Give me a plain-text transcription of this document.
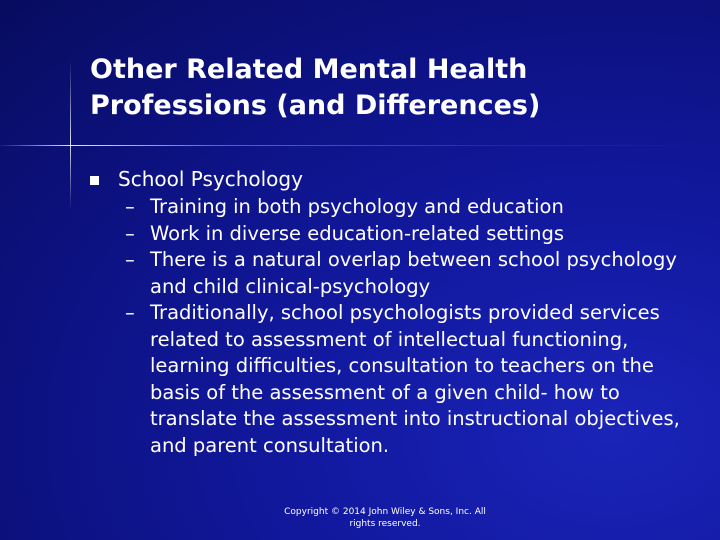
Other Related Mental Health
Professions (and Differences)
School Psychology
– Training in both psychology and education
– Work in diverse education-related settings
– There is a natural overlap between school psychology and child clinical-psychology
– Traditionally, school psychologists provided services related to assessment of intellectual functioning, learning difficulties, consultation to teachers on the basis of the assessment of a given child- how to translate the assessment into instructional objectives, and parent consultation.
Copyright © 2014 John Wiley & Sons, Inc. All
rights reserved.
